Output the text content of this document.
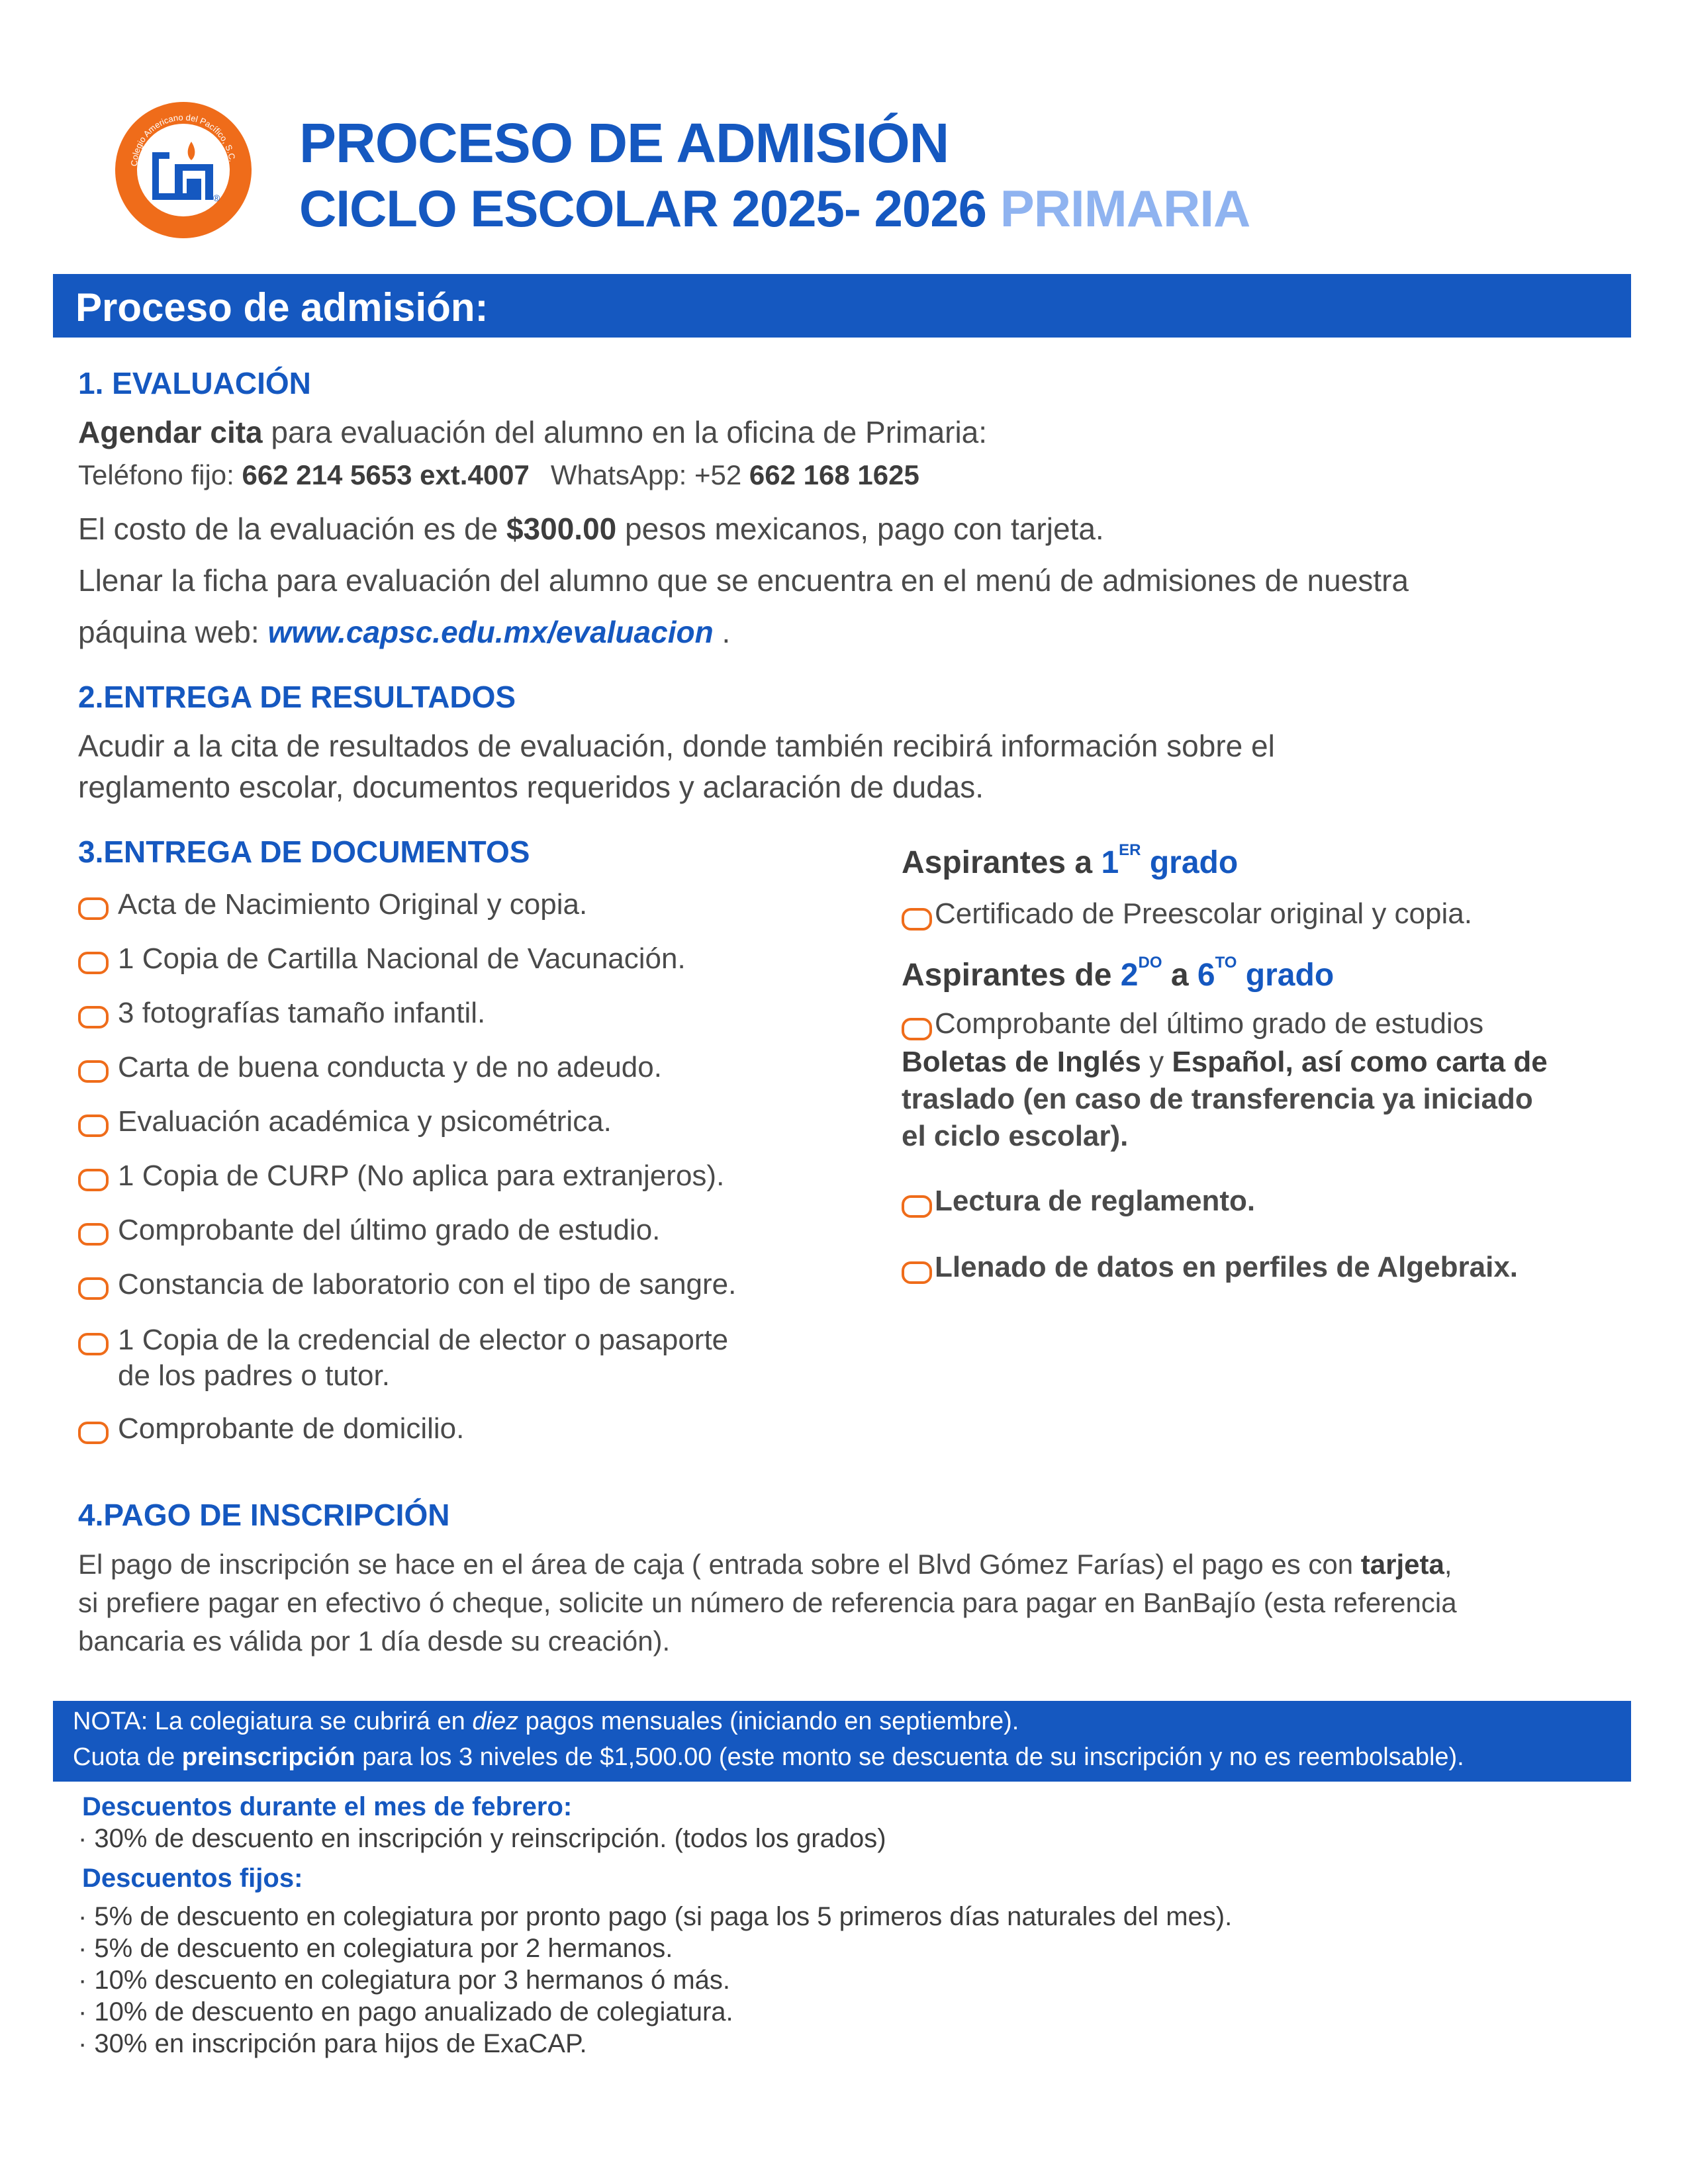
Colegio Americano del Pacífico, S.C.
®
PROCESO DE ADMISIÓN
CICLO ESCOLAR 2025- 2026 PRIMARIA
Proceso de admisión:
1. EVALUACIÓN
Agendar cita para evaluación del alumno en la oficina de Primaria:
Teléfono fijo: 662 214 5653 ext.4007 WhatsApp: +52 662 168 1625
El costo de la evaluación es de $300.00 pesos mexicanos, pago con tarjeta.
Llenar la ficha para evaluación del alumno que se encuentra en el menú de admisiones de nuestra
páquina web: www.capsc.edu.mx/evaluacion .
2.ENTREGA DE RESULTADOS
Acudir a la cita de resultados de evaluación, donde también recibirá información sobre el
reglamento escolar, documentos requeridos y aclaración de dudas.
3.ENTREGA DE DOCUMENTOS
Acta de Nacimiento Original y copia.
1 Copia de Cartilla Nacional de Vacunación.
3 fotografías tamaño infantil.
Carta de buena conducta y de no adeudo.
Evaluación académica y psicométrica.
1 Copia de CURP (No aplica para extranjeros).
Comprobante del último grado de estudio.
Constancia de laboratorio con el tipo de sangre.
1 Copia de la credencial de elector o pasaporte
de los padres o tutor.
Comprobante de domicilio.
Aspirantes a 1ER grado
Certificado de Preescolar original y copia.
Aspirantes de $2^{DO}$ a $6^{TO}$ grado
Comprobante del último grado de estudios
Boletas de Inglés y Español, así como carta de
traslado (en caso de transferencia ya iniciado
el ciclo escolar).
Lectura de reglamento.
Llenado de datos en perfiles de Algebraix.
4.PAGO DE INSCRIPCIÓN
El pago de inscripción se hace en el área de caja ( entrada sobre el Blvd Gómez Farías) el pago es con tarjeta,
si prefiere pagar en efectivo ó cheque, solicite un número de referencia para pagar en BanBajío (esta referencia
bancaria es válida por 1 día desde su creación).
NOTA: La colegiatura se cubrirá en diez pagos mensuales (iniciando en septiembre).
Cuota de preinscripción para los 3 niveles de $1,500.00 (este monto se descuenta de su inscripción y no es reembolsable).
Descuentos durante el mes de febrero:
· 30% de descuento en inscripción y reinscripción. (todos los grados)
Descuentos fijos:
· 5% de descuento en colegiatura por pronto pago (si paga los 5 primeros días naturales del mes).
· 5% de descuento en colegiatura por 2 hermanos.
· 10% descuento en colegiatura por 3 hermanos ó más.
· 10% de descuento en pago anualizado de colegiatura.
· 30% en inscripción para hijos de ExaCAP.
